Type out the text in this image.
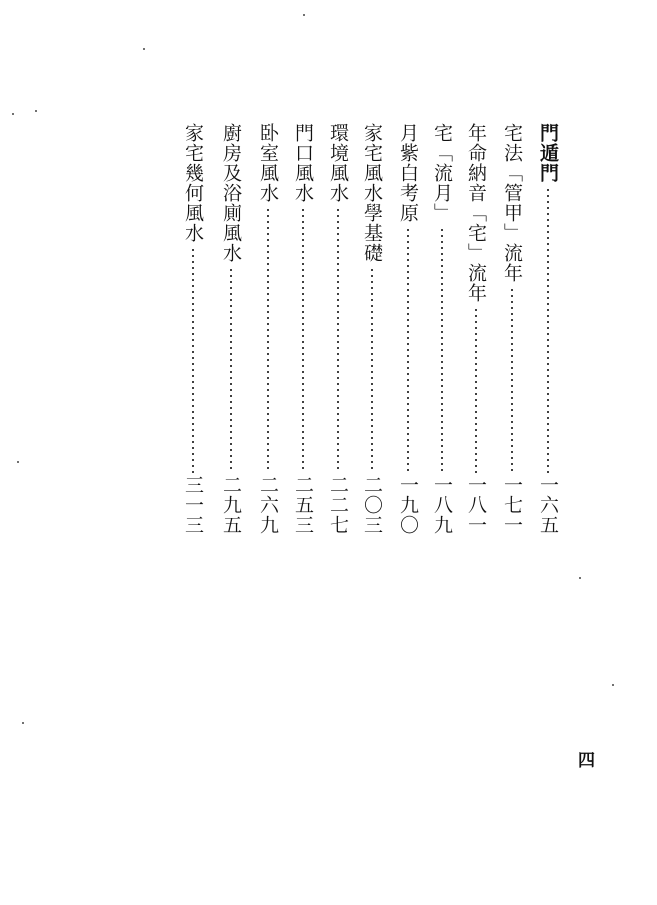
門遁門
一六五
宅法「管甲」流年
一七一
年命納音「宅」流年
一八一
宅「流月」
一八九
月紫白考原
一九〇
家宅風水學基礎
二〇三
環境風水
二二七
門口風水
二五三
卧室風水
二六九
廚房及浴廁風水
二九五
家宅幾何風水
三一三
四
